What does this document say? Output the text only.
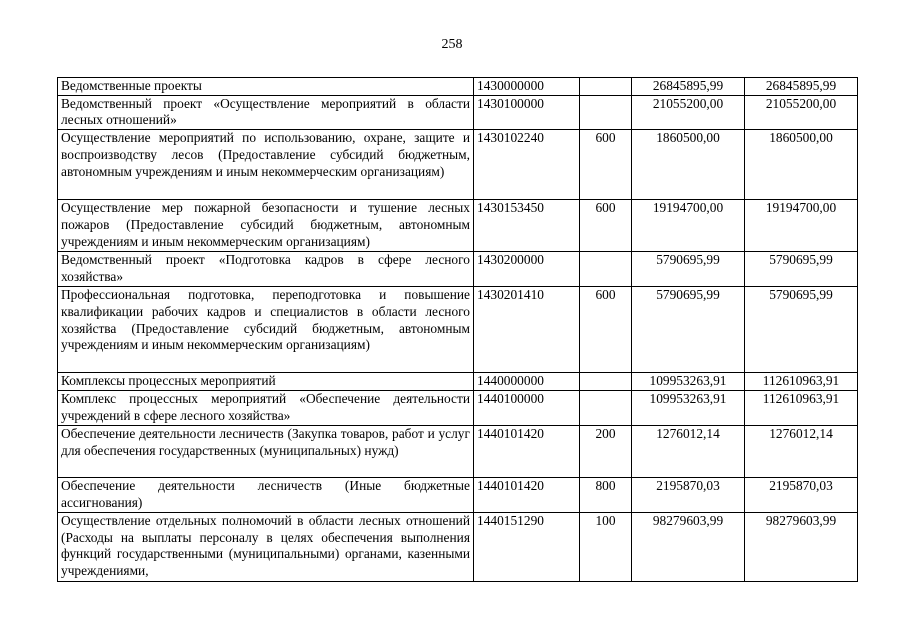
258
Ведомственные проекты	1430000000		26845895,99	26845895,99
Ведомственный проект «Осуществление мероприятий в области лесных отношений»	1430100000		21055200,00	21055200,00
Осуществление мероприятий по использованию, охране, защите и воспроизводству лесов (Предоставление субсидий бюджетным, автономным учреждениям и иным некоммерческим организациям)	1430102240	600	1860500,00	1860500,00
Осуществление мер пожарной безопасности и тушение лесных пожаров (Предоставление субсидий бюджетным, автономным учреждениям и иным некоммерческим организациям)	1430153450	600	19194700,00	19194700,00
Ведомственный проект «Подготовка кадров в сфере лесного хозяйства»	1430200000		5790695,99	5790695,99
Профессиональная подготовка, переподготовка и повышение квалификации рабочих кадров и специалистов в области лесного хозяйства (Предоставление субсидий бюджетным, автономным учреждениям и иным некоммерческим организациям)	1430201410	600	5790695,99	5790695,99
Комплексы процессных мероприятий	1440000000		109953263,91	112610963,91
Комплекс процессных мероприятий «Обеспечение деятельности учреждений в сфере лесного хозяйства»	1440100000		109953263,91	112610963,91
Обеспечение деятельности лесничеств (Закупка товаров, работ и услуг для обеспечения государственных (муниципальных) нужд)	1440101420	200	1276012,14	1276012,14
Обеспечение деятельности лесничеств (Иные бюджетные ассигнования)	1440101420	800	2195870,03	2195870,03
Осуществление отдельных полномочий в области лесных отношений (Расходы на выплаты персоналу в целях обеспечения выполнения функций государственными (муниципальными) органами, казенными учреждениями,	1440151290	100	98279603,99	98279603,99
